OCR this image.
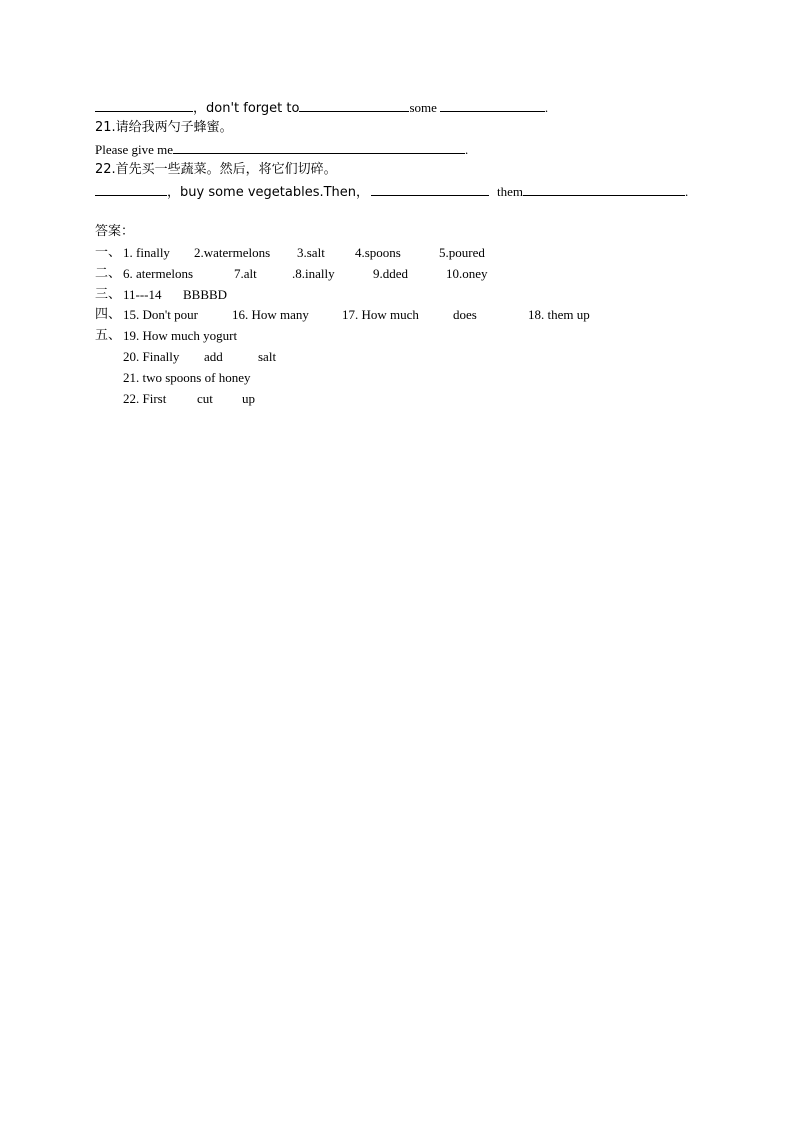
，don't forget to	some	.
21.请给我两勺子蜂蜜。
Please give me	.
22.首先买一些蔬菜。然后，将它们切碎。
，buy some vegetables.Then，	them	.
答案：
一、 1. finally 2.watermelons 3.salt 4.spoons	5.poured
二、 6. atermelons	7.alt	.8.inally	9.dded	10.oney
三、 11---14 BBBBD
四、 15. Don't pour	16. How many	17. How much	does	18. them up
五、 19. How much yogurt
20. Finally add	salt
21. two spoons of honey
22. First cut up
